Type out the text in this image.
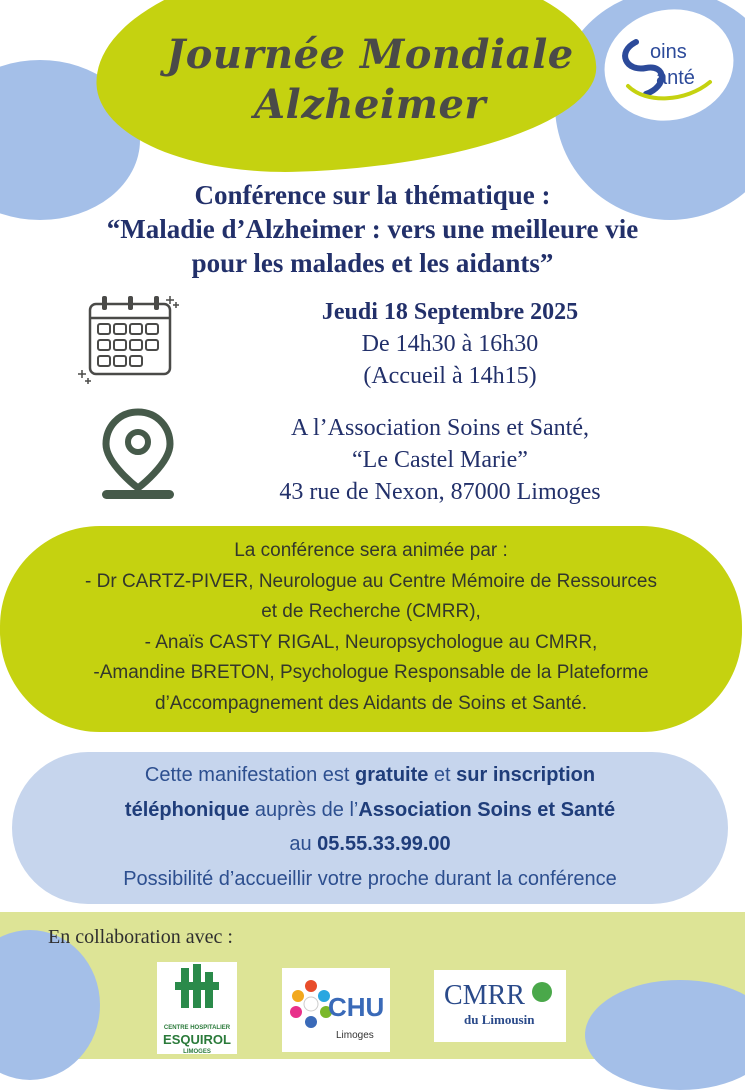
oins
anté
Journée Mondiale
Alzheimer
Conférence sur la thématique :
“Maladie d’Alzheimer : vers une meilleure vie
pour les malades et les aidants”
Jeudi 18 Septembre 2025
De 14h30 à 16h30
(Accueil à 14h15)
A l’Association Soins et Santé,
“Le Castel Marie”
43 rue de Nexon, 87000 Limoges
La conférence sera animée par :
- Dr CARTZ-PIVER, Neurologue au Centre Mémoire de Ressources
et de Recherche (CMRR),
- Anaïs CASTY RIGAL, Neuropsychologue au CMRR,
-Amandine BRETON, Psychologue Responsable de la Plateforme
d’Accompagnement des Aidants de Soins et Santé.
Cette manifestation est gratuite et sur inscription
téléphonique auprès de l’Association Soins et Santé
au 05.55.33.99.00
Possibilité d’accueillir votre proche durant la conférence
En collaboration avec :
CENTRE HOSPITALIER
ESQUIROL
LIMOGES
CHU
Limoges
CMRR
du Limousin
